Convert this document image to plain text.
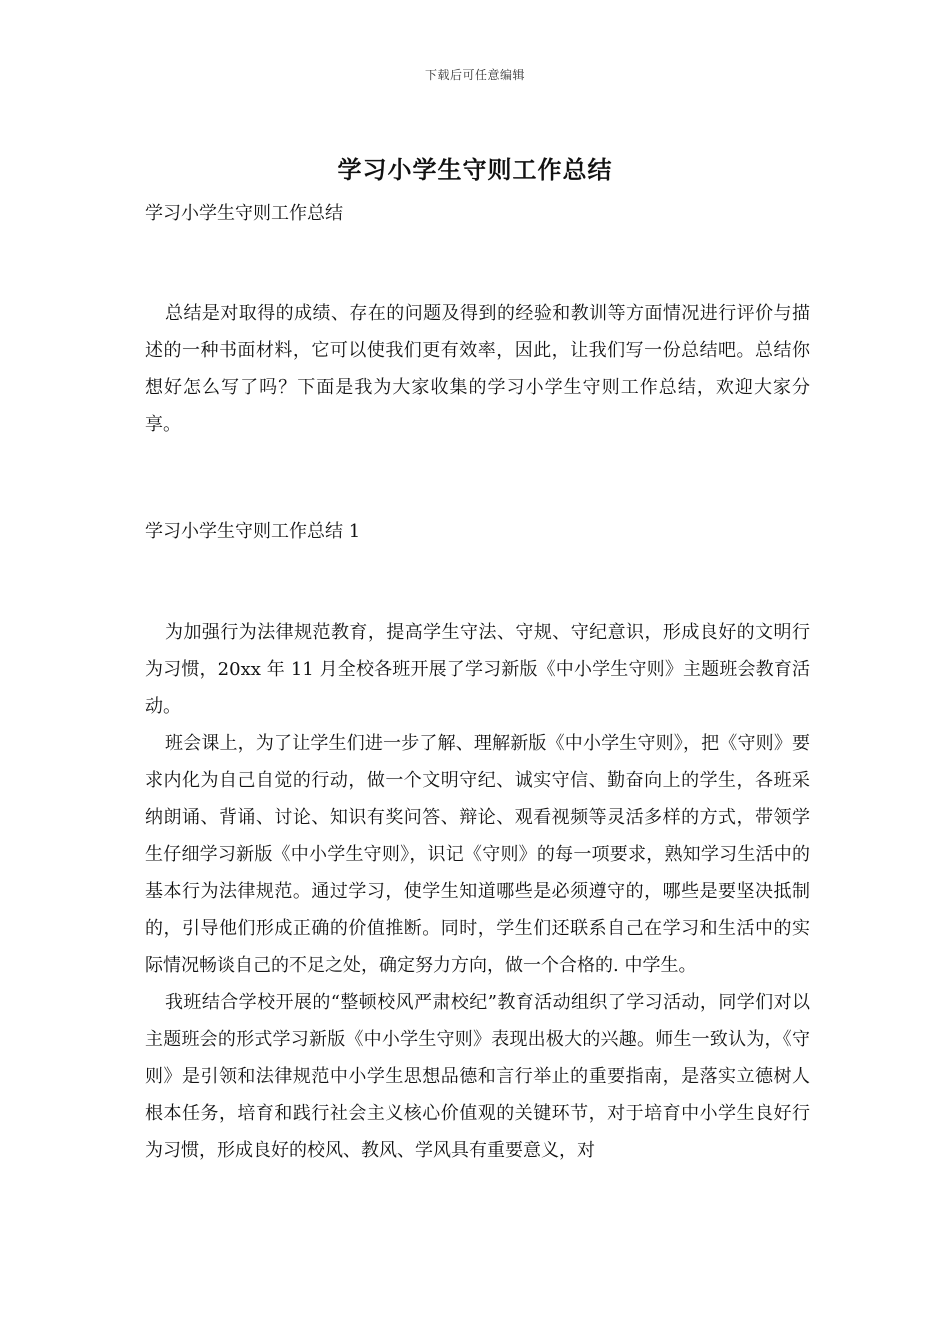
下载后可任意编辑
学习小学生守则工作总结
学习小学生守则工作总结

总结是对取得的成绩、存在的问题及得到的经验和教训等方面情况进行评价与描述的一种书面材料，它可以使我们更有效率，因此，让我们写一份总结吧。总结你想好怎么写了吗？下面是我为大家收集的学习小学生守则工作总结，欢迎大家分享。

学习小学生守则工作总结 1

为加强行为法律规范教育，提高学生守法、守规、守纪意识，形成良好的文明行为习惯，20xx 年 11 月全校各班开展了学习新版《中小学生守则》主题班会教育活动。

班会课上，为了让学生们进一步了解、理解新版《中小学生守则》，把《守则》要求内化为自己自觉的行动，做一个文明守纪、诚实守信、勤奋向上的学生，各班采纳朗诵、背诵、讨论、知识有奖问答、辩论、观看视频等灵活多样的方式，带领学生仔细学习新版《中小学生守则》，识记《守则》的每一项要求，熟知学习生活中的基本行为法律规范。通过学习，使学生知道哪些是必须遵守的，哪些是要坚决抵制的，引导他们形成正确的价值推断。同时，学生们还联系自己在学习和生活中的实际情况畅谈自己的不足之处，确定努力方向，做一个合格的. 中学生。

我班结合学校开展的“整顿校风严肃校纪”教育活动组织了学习活动，同学们对以主题班会的形式学习新版《中小学生守则》表现出极大的兴趣。师生一致认为，《守则》是引领和法律规范中小学生思想品德和言行举止的重要指南，是落实立德树人根本任务，培育和践行社会主义核心价值观的关键环节，对于培育中小学生良好行为习惯，形成良好的校风、教风、学风具有重要意义，对
